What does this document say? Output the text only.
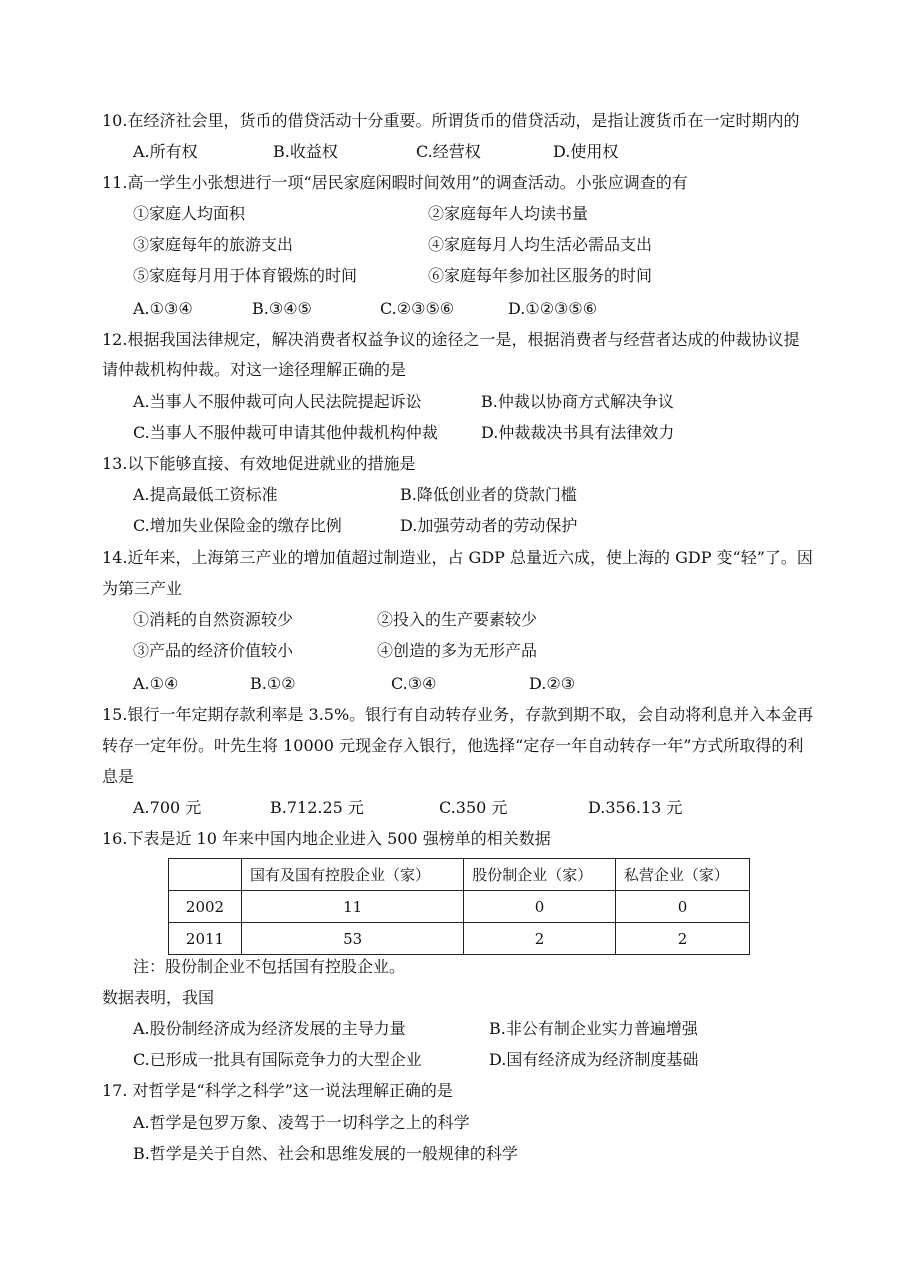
10.在经济社会里，货币的借贷活动十分重要。所谓货币的借贷活动，是指让渡货币在一定时期内的
A.所有权	B.收益权	C.经营权	D.使用权
11.高一学生小张想进行一项“居民家庭闲暇时间效用”的调查活动。小张应调查的有
①家庭人均面积	②家庭每年人均读书量
③家庭每年的旅游支出	④家庭每月人均生活必需品支出
⑤家庭每月用于体育锻炼的时间	⑥家庭每年参加社区服务的时间
A.①③④	B.③④⑤	C.②③⑤⑥	D.①②③⑤⑥
12.根据我国法律规定，解决消费者权益争议的途径之一是，根据消费者与经营者达成的仲裁协议提
请仲裁机构仲裁。对这一途径理解正确的是
A.当事人不服仲裁可向人民法院提起诉讼	B.仲裁以协商方式解决争议
C.当事人不服仲裁可申请其他仲裁机构仲裁	D.仲裁裁决书具有法律效力
13.以下能够直接、有效地促进就业的措施是
A.提高最低工资标准	B.降低创业者的贷款门槛
C.增加失业保险金的缴存比例	D.加强劳动者的劳动保护
14.近年来，上海第三产业的增加值超过制造业，占 GDP 总量近六成，使上海的 GDP 变“轻”了。因
为第三产业
①消耗的自然资源较少	②投入的生产要素较少
③产品的经济价值较小	④创造的多为无形产品
A.①④	B.①②	C.③④	D.②③
15.银行一年定期存款利率是 3.5%。银行有自动转存业务，存款到期不取，会自动将利息并入本金再
转存一定年份。叶先生将 10000 元现金存入银行，他选择“定存一年自动转存一年”方式所取得的利
息是
A.700 元	B.712.25 元	C.350 元	D.356.13 元
16.下表是近 10 年来中国内地企业进入 500 强榜单的相关数据
	国有及国有控股企业（家）	股份制企业（家）	私营企业（家）
2002	11	0	0
2011	53	2	2
注：股份制企业不包括国有控股企业。
数据表明，我国
A.股份制经济成为经济发展的主导力量	B.非公有制企业实力普遍增强
C.已形成一批具有国际竞争力的大型企业	D.国有经济成为经济制度基础
17. 对哲学是“科学之科学”这一说法理解正确的是
A.哲学是包罗万象、凌驾于一切科学之上的科学
B.哲学是关于自然、社会和思维发展的一般规律的科学
